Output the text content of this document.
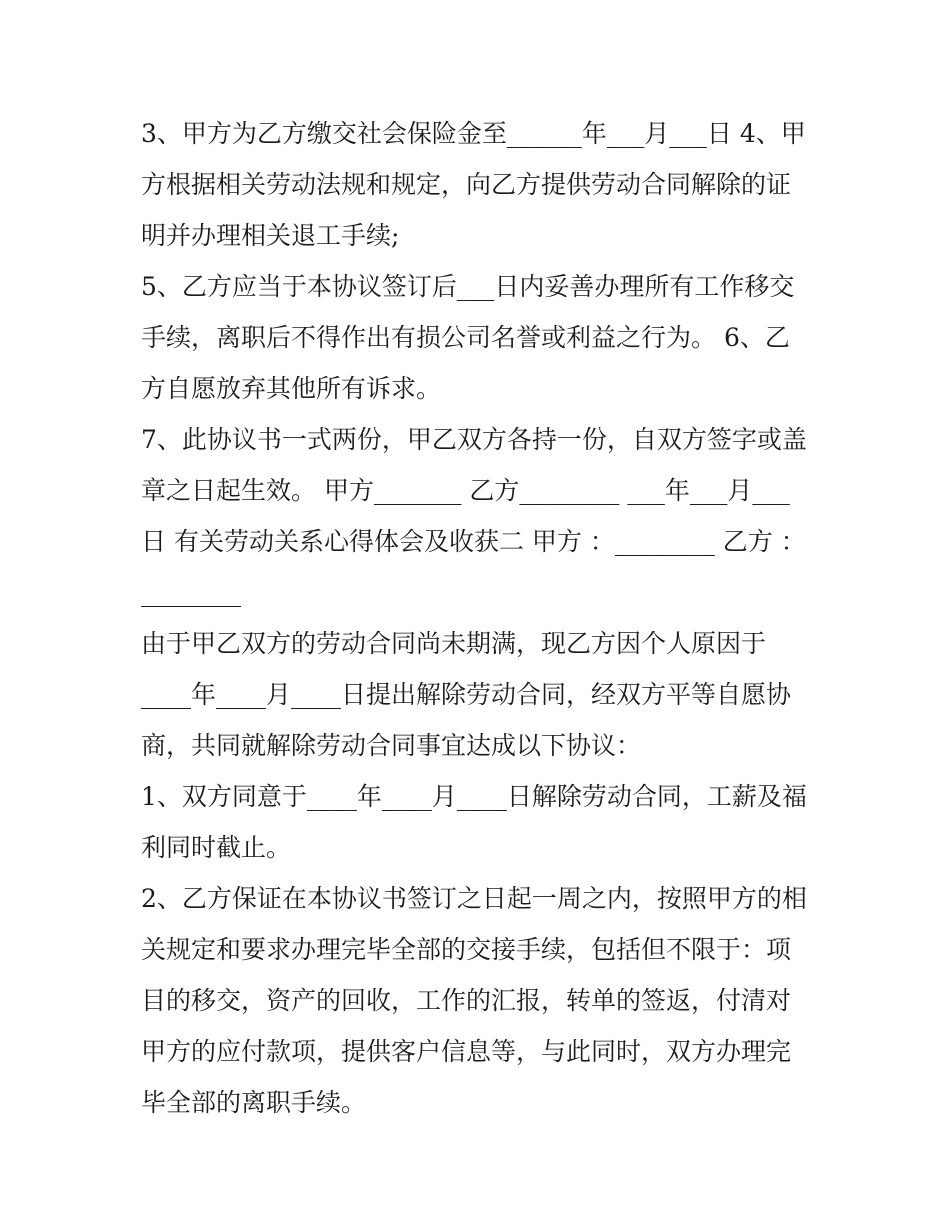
3、甲方为乙方缴交社会保险金至______年___月___日 4、甲方根据相关劳动法规和规定，向乙方提供劳动合同解除的证明并办理相关退工手续;

5、乙方应当于本协议签订后___日内妥善办理所有工作移交手续，离职后不得作出有损公司名誉或利益之行为。 6、乙方自愿放弃其他所有诉求。

7、此协议书一式两份，甲乙双方各持一份，自双方签字或盖章之日起生效。 甲方_______ 乙方________ ___年___月___日 有关劳动关系心得体会及收获二 甲方 ：________ 乙方 ：________

由于甲乙双方的劳动合同尚未期满，现乙方因个人原因于____年____月____日提出解除劳动合同，经双方平等自愿协商，共同就解除劳动合同事宜达成以下协议：

1、双方同意于____年____月____日解除劳动合同，工薪及福利同时截止。

2、乙方保证在本协议书签订之日起一周之内，按照甲方的相关规定和要求办理完毕全部的交接手续，包括但不限于：项目的移交，资产的回收，工作的汇报，转单的签返，付清对甲方的应付款项，提供客户信息等，与此同时，双方办理完毕全部的离职手续。
